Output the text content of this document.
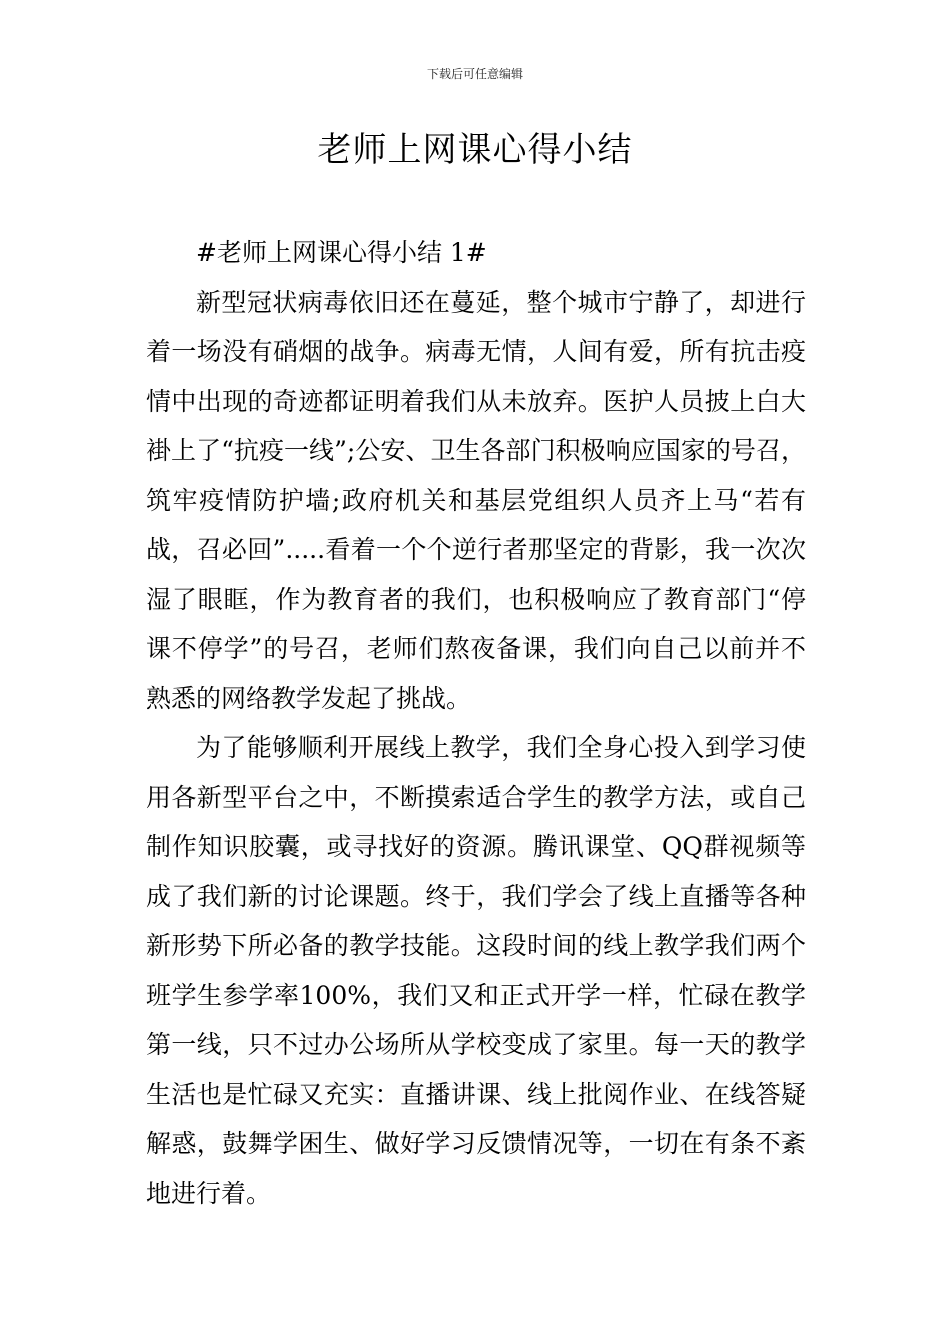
下载后可任意编辑
老师上网课心得小结

#老师上网课心得小结 1#

新型冠状病毒依旧还在蔓延，整个城市宁静了，却进行着一场没有硝烟的战争。病毒无情，人间有爱，所有抗击疫情中出现的奇迹都证明着我们从未放弃。医护人员披上白大褂上了“抗疫一线”;公安、卫生各部门积极响应国家的号召，筑牢疫情防护墙;政府机关和基层党组织人员齐上马“若有战，召必回”.....看着一个个逆行者那坚定的背影，我一次次湿了眼眶，作为教育者的我们，也积极响应了教育部门“停课不停学”的号召，老师们熬夜备课，我们向自己以前并不熟悉的网络教学发起了挑战。

为了能够顺利开展线上教学，我们全身心投入到学习使用各新型平台之中，不断摸索适合学生的教学方法，或自己制作知识胶囊，或寻找好的资源。腾讯课堂、QQ群视频等成了我们新的讨论课题。终于，我们学会了线上直播等各种新形势下所必备的教学技能。这段时间的线上教学我们两个班学生参学率100%，我们又和正式开学一样，忙碌在教学第一线，只不过办公场所从学校变成了家里。每一天的教学生活也是忙碌又充实：直播讲课、线上批阅作业、在线答疑解惑，鼓舞学困生、做好学习反馈情况等，一切在有条不紊地进行着。
